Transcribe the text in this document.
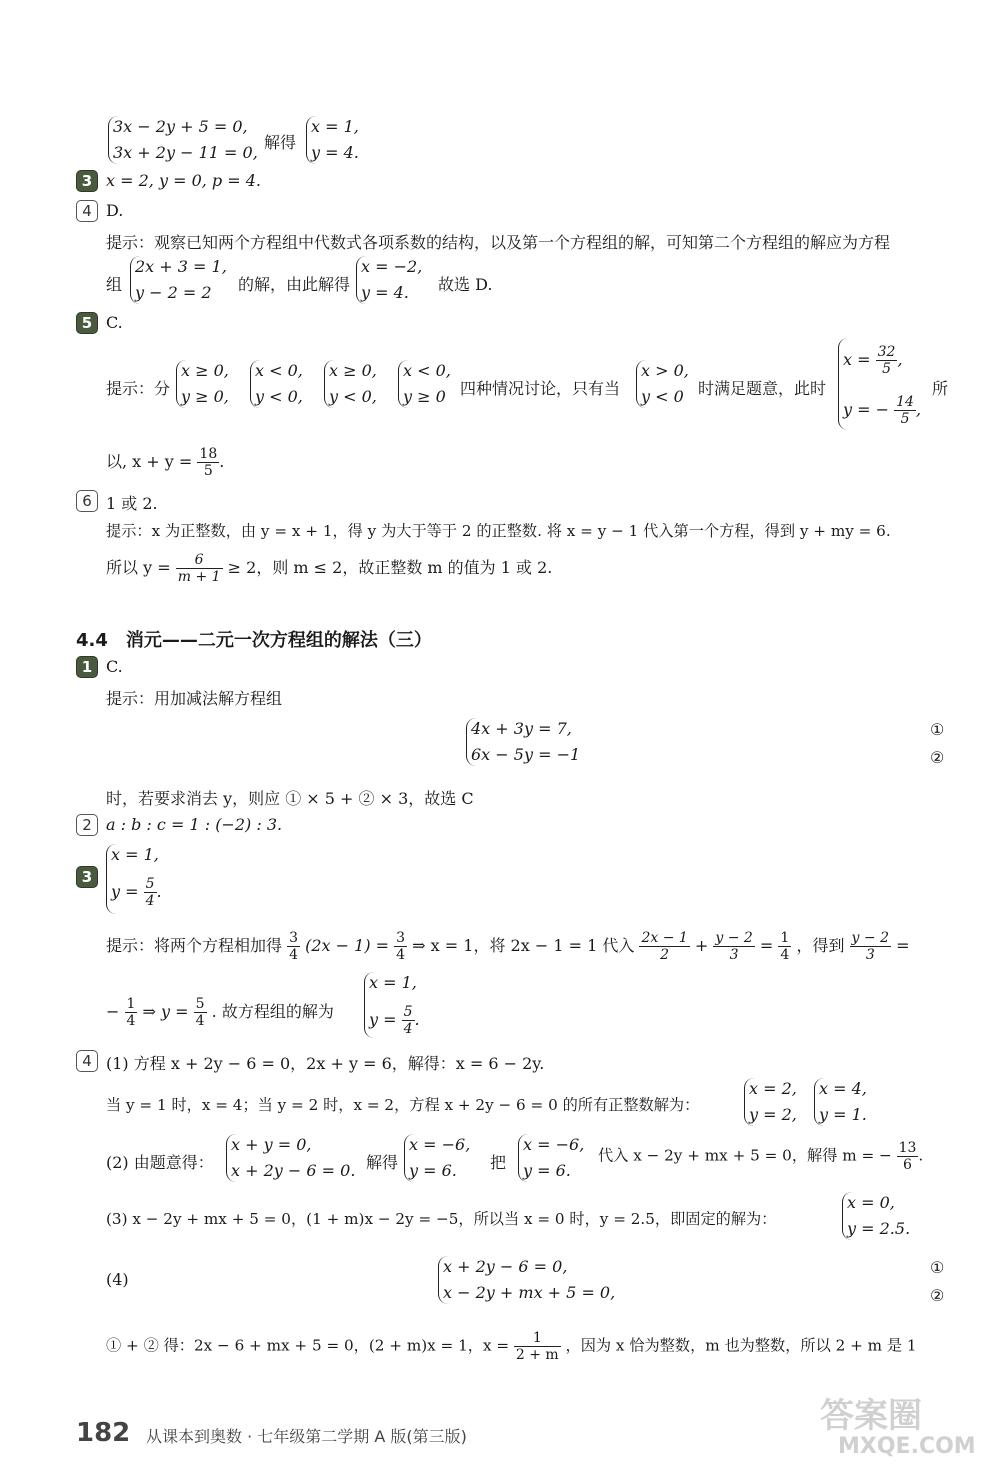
3x − 2y + 5 = 0,
3x + 2y − 11 = 0,
解得
x = 1,
y = 4.
3 x = 2, y = 0, p = 4.
4 D.
提示：观察已知两个方程组中代数式各项系数的结构，以及第一个方程组的解，可知第二个方程组的解应为方程
组
2x + 3 = 1,
y − 2 = 2 的解，由此解得
x = −2,
y = 4. 故选 D.
5 C.
提示：分
x ≥ 0,
y ≥ 0,
x < 0,
y < 0,
x ≥ 0,
y < 0,
x < 0,
y ≥ 0 四种情况讨论，只有当
x > 0,
y < 0 时满足题意，此时
$x = \frac{32}{5}$ ,
y = − $\frac{14}{5}$ ,
所
以, $x + y = \frac{18}{5}$ .
6 1 或 2.
提示：x 为正整数，由 y = x + 1，得 y 为大于等于 2 的正整数. 将 x = y − 1 代入第一个方程，得到 y + my = 6.
所以 $y = \frac{6}{m + 1} \ge 2$，则 m ≤ 2，故正整数 m 的值为 1 或 2.
4.4　消元——二元一次方程组的解法（三）
1 C.
提示：用加减法解方程组
4x + 3y = 7,
6x − 5y = −1
①
②
时，若要求消去 y，则应 ① × 5 + ② × 3，故选 C
2 a : b : c = 1 : (−2) : 3.
3
x = 1,
$y = \frac{5}{4}$ .
提示：将两个方程相加得 $\frac{3}{4} (2x - 1) = \frac{3}{4}$ ⇒ x = 1，将 2x − 1 = 1 代入 $\frac{2x - 1}{2} + \frac{y - 2}{3} = \frac{1}{4}$ ，得到 $\frac{y - 2}{3}$ =
− $\frac{1}{4}$ ⇒ $y = \frac{5}{4}$ . 故方程组的解为
x = 1,
$y = \frac{5}{4}$ .
4 (1) 方程 x + 2y − 6 = 0，2x + y = 6，解得：x = 6 − 2y.
当 y = 1 时，x = 4；当 y = 2 时，x = 2，方程 x + 2y − 6 = 0 的所有正整数解为：
x = 2,
y = 2,
x = 4,
y = 1.
(2) 由题意得：
x + y = 0,
x + 2y − 6 = 0. 解得
x = −6,
y = 6. 把
x = −6,
y = 6.
代入 x − 2y + mx + 5 = 0，解得 m = − $\frac{13}{6}$ .
(3) x − 2y + mx + 5 = 0，(1 + m)x − 2y = −5，所以当 x = 0 时，y = 2.5，即固定的解为：
x = 0,
y = 2.5.
(4)
x + 2y − 6 = 0,
x − 2y + mx + 5 = 0,
①
②
① + ② 得：2x − 6 + mx + 5 = 0，(2 + m)x = 1，$x = \frac{1}{2 + m}$ ，因为 x 恰为整数，m 也为整数，所以 2 + m 是 1
182 从课本到奥数 · 七年级第二学期 A 版(第三版)
答案圈
MXQE.COM
